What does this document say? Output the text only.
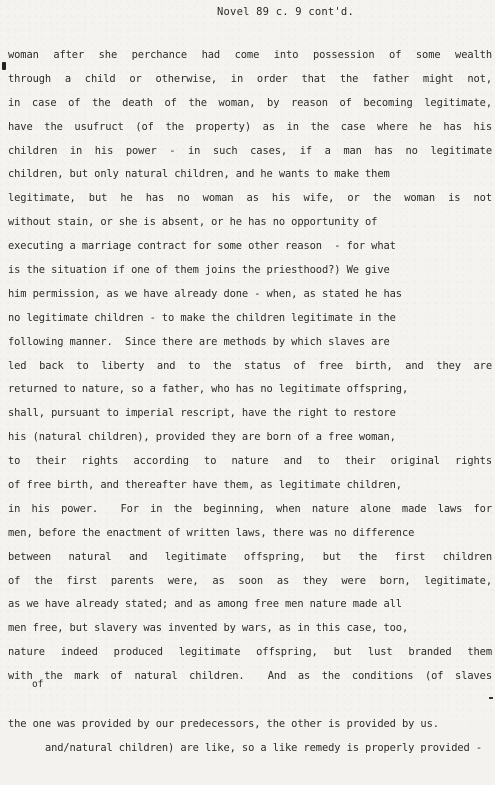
Novel 89 c. 9 cont'd.
woman after she perchance had come into possession of some wealth
through a child or otherwise, in order that the father might not,
in case of the death of the woman, by reason of becoming legitimate,
have the usufruct (of the property) as in the case where he has his
children in his power - in such cases, if a man has no legitimate
children, but only natural children, and he wants to make them
legitimate, but he has no woman as his wife, or the woman is not
without stain, or she is absent, or he has no opportunity of
executing a marriage contract for some other reason  - for what
is the situation if one of them joins the priesthood?) We give
him permission, as we have already done - when, as stated he has
no legitimate children - to make the children legitimate in the
following manner.  Since there are methods by which slaves are
led back to liberty and to the status of free birth, and they are
returned to nature, so a father, who has no legitimate offspring,
shall, pursuant to imperial rescript, have the right to restore
his (natural children), provided they are born of a free woman,
to their rights according to nature and to their original rights
of free birth, and thereafter have them, as legitimate children,
in his power.  For in the beginning, when nature alone made laws for
men, before the enactment of written laws, there was no difference
between natural and legitimate offspring, but the first children
of the first parents were, as soon as they were born, legitimate,
as we have already stated; and as among free men nature made all
men free, but slavery was invented by wars, as in this case, too,
nature indeed produced legitimate offspring, but lust branded them
with the mark of natural children.  And as the conditions (of slaves

of

and/natural children) are like, so a like remedy is properly provided -

the one was provided by our predecessors, the other is provided by us.
